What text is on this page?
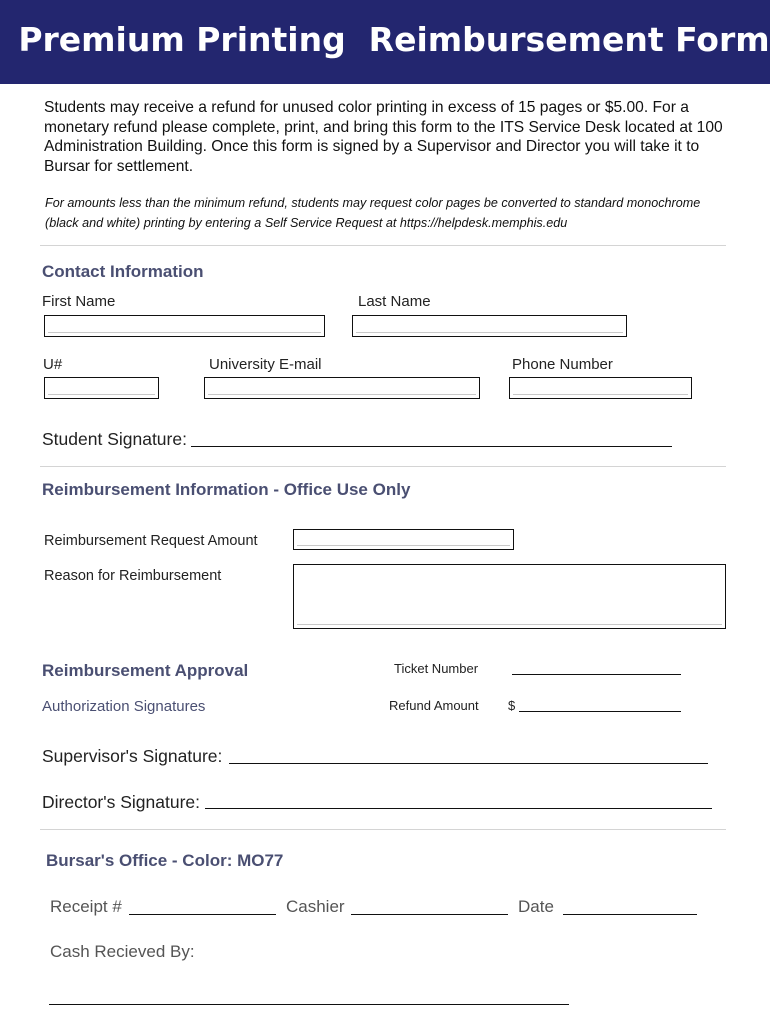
Premium Printing  Reimbursement Form
Students may receive a refund for unused color printing in excess of 15 pages or $5.00. For a monetary refund please complete, print, and bring this form to the ITS Service Desk located at 100 Administration Building. Once this form is signed by a Supervisor and Director you will take it to Bursar for settlement.
For amounts less than the minimum refund, students may request color pages be converted to standard monochrome (black and white) printing by entering a Self Service Request at https://helpdesk.memphis.edu
Contact Information
First Name	Last Name
U#	University E-mail	Phone Number
Student Signature:
Reimbursement Information - Office Use Only
Reimbursement Request Amount
Reason for Reimbursement
Reimbursement Approval
Authorization Signatures
Ticket Number
Refund Amount $
Supervisor's Signature:
Director's Signature:
Bursar's Office - Color: MO77
Receipt #	Cashier	Date
Cash Recieved By:
